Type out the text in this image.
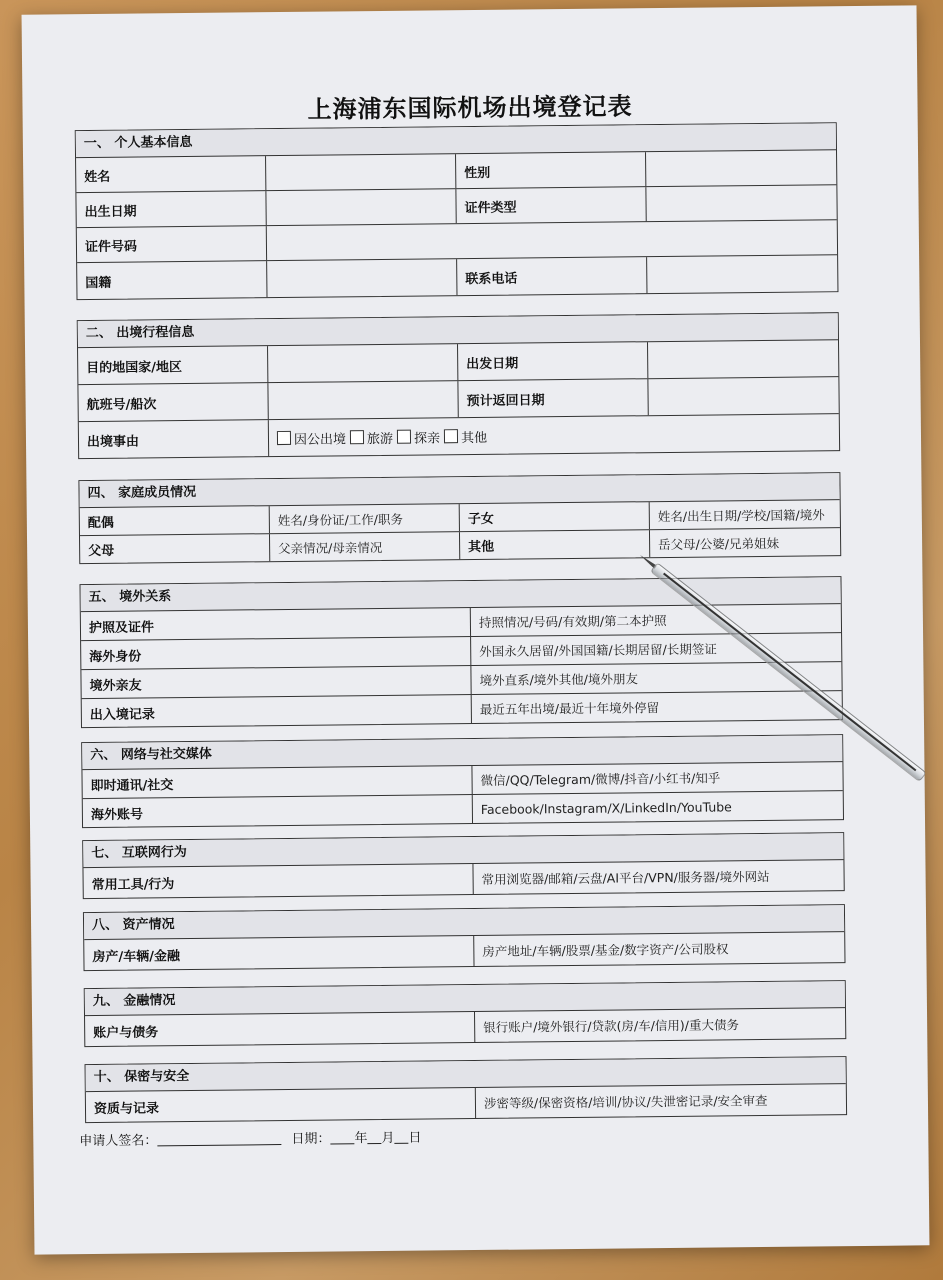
上海浦东国际机场出境登记表
一、 个人基本信息
姓名	性别
出生日期	证件类型
证件号码
国籍	联系电话
二、 出境行程信息
目的地国家/地区	出发日期
航班号/船次	预计返回日期
出境事由	因公出境	旅游	探亲	其他
四、 家庭成员情况
配偶	姓名/身份证/工作/职务	子女	姓名/出生日期/学校/国籍/境外
父母	父亲情况/母亲情况	其他	岳父母/公婆/兄弟姐妹
五、 境外关系
护照及证件	持照情况/号码/有效期/第二本护照
海外身份	外国永久居留/外国国籍/长期居留/长期签证
境外亲友	境外直系/境外其他/境外朋友
出入境记录	最近五年出境/最近十年境外停留
六、 网络与社交媒体
即时通讯/社交	微信/QQ/Telegram/微博/抖音/小红书/知乎
海外账号	Facebook/Instagram/X/LinkedIn/YouTube
七、 互联网行为
常用工具/行为	常用浏览器/邮箱/云盘/AI平台/VPN/服务器/境外网站
八、 资产情况
房产/车辆/金融	房产地址/车辆/股票/基金/数字资产/公司股权
九、 金融情况
账户与债务	银行账户/境外银行/贷款(房/车/信用)/重大债务
十、 保密与安全
资质与记录	涉密等级/保密资格/培训/协议/失泄密记录/安全审查
申请人签名：	日期： 年 月 日
